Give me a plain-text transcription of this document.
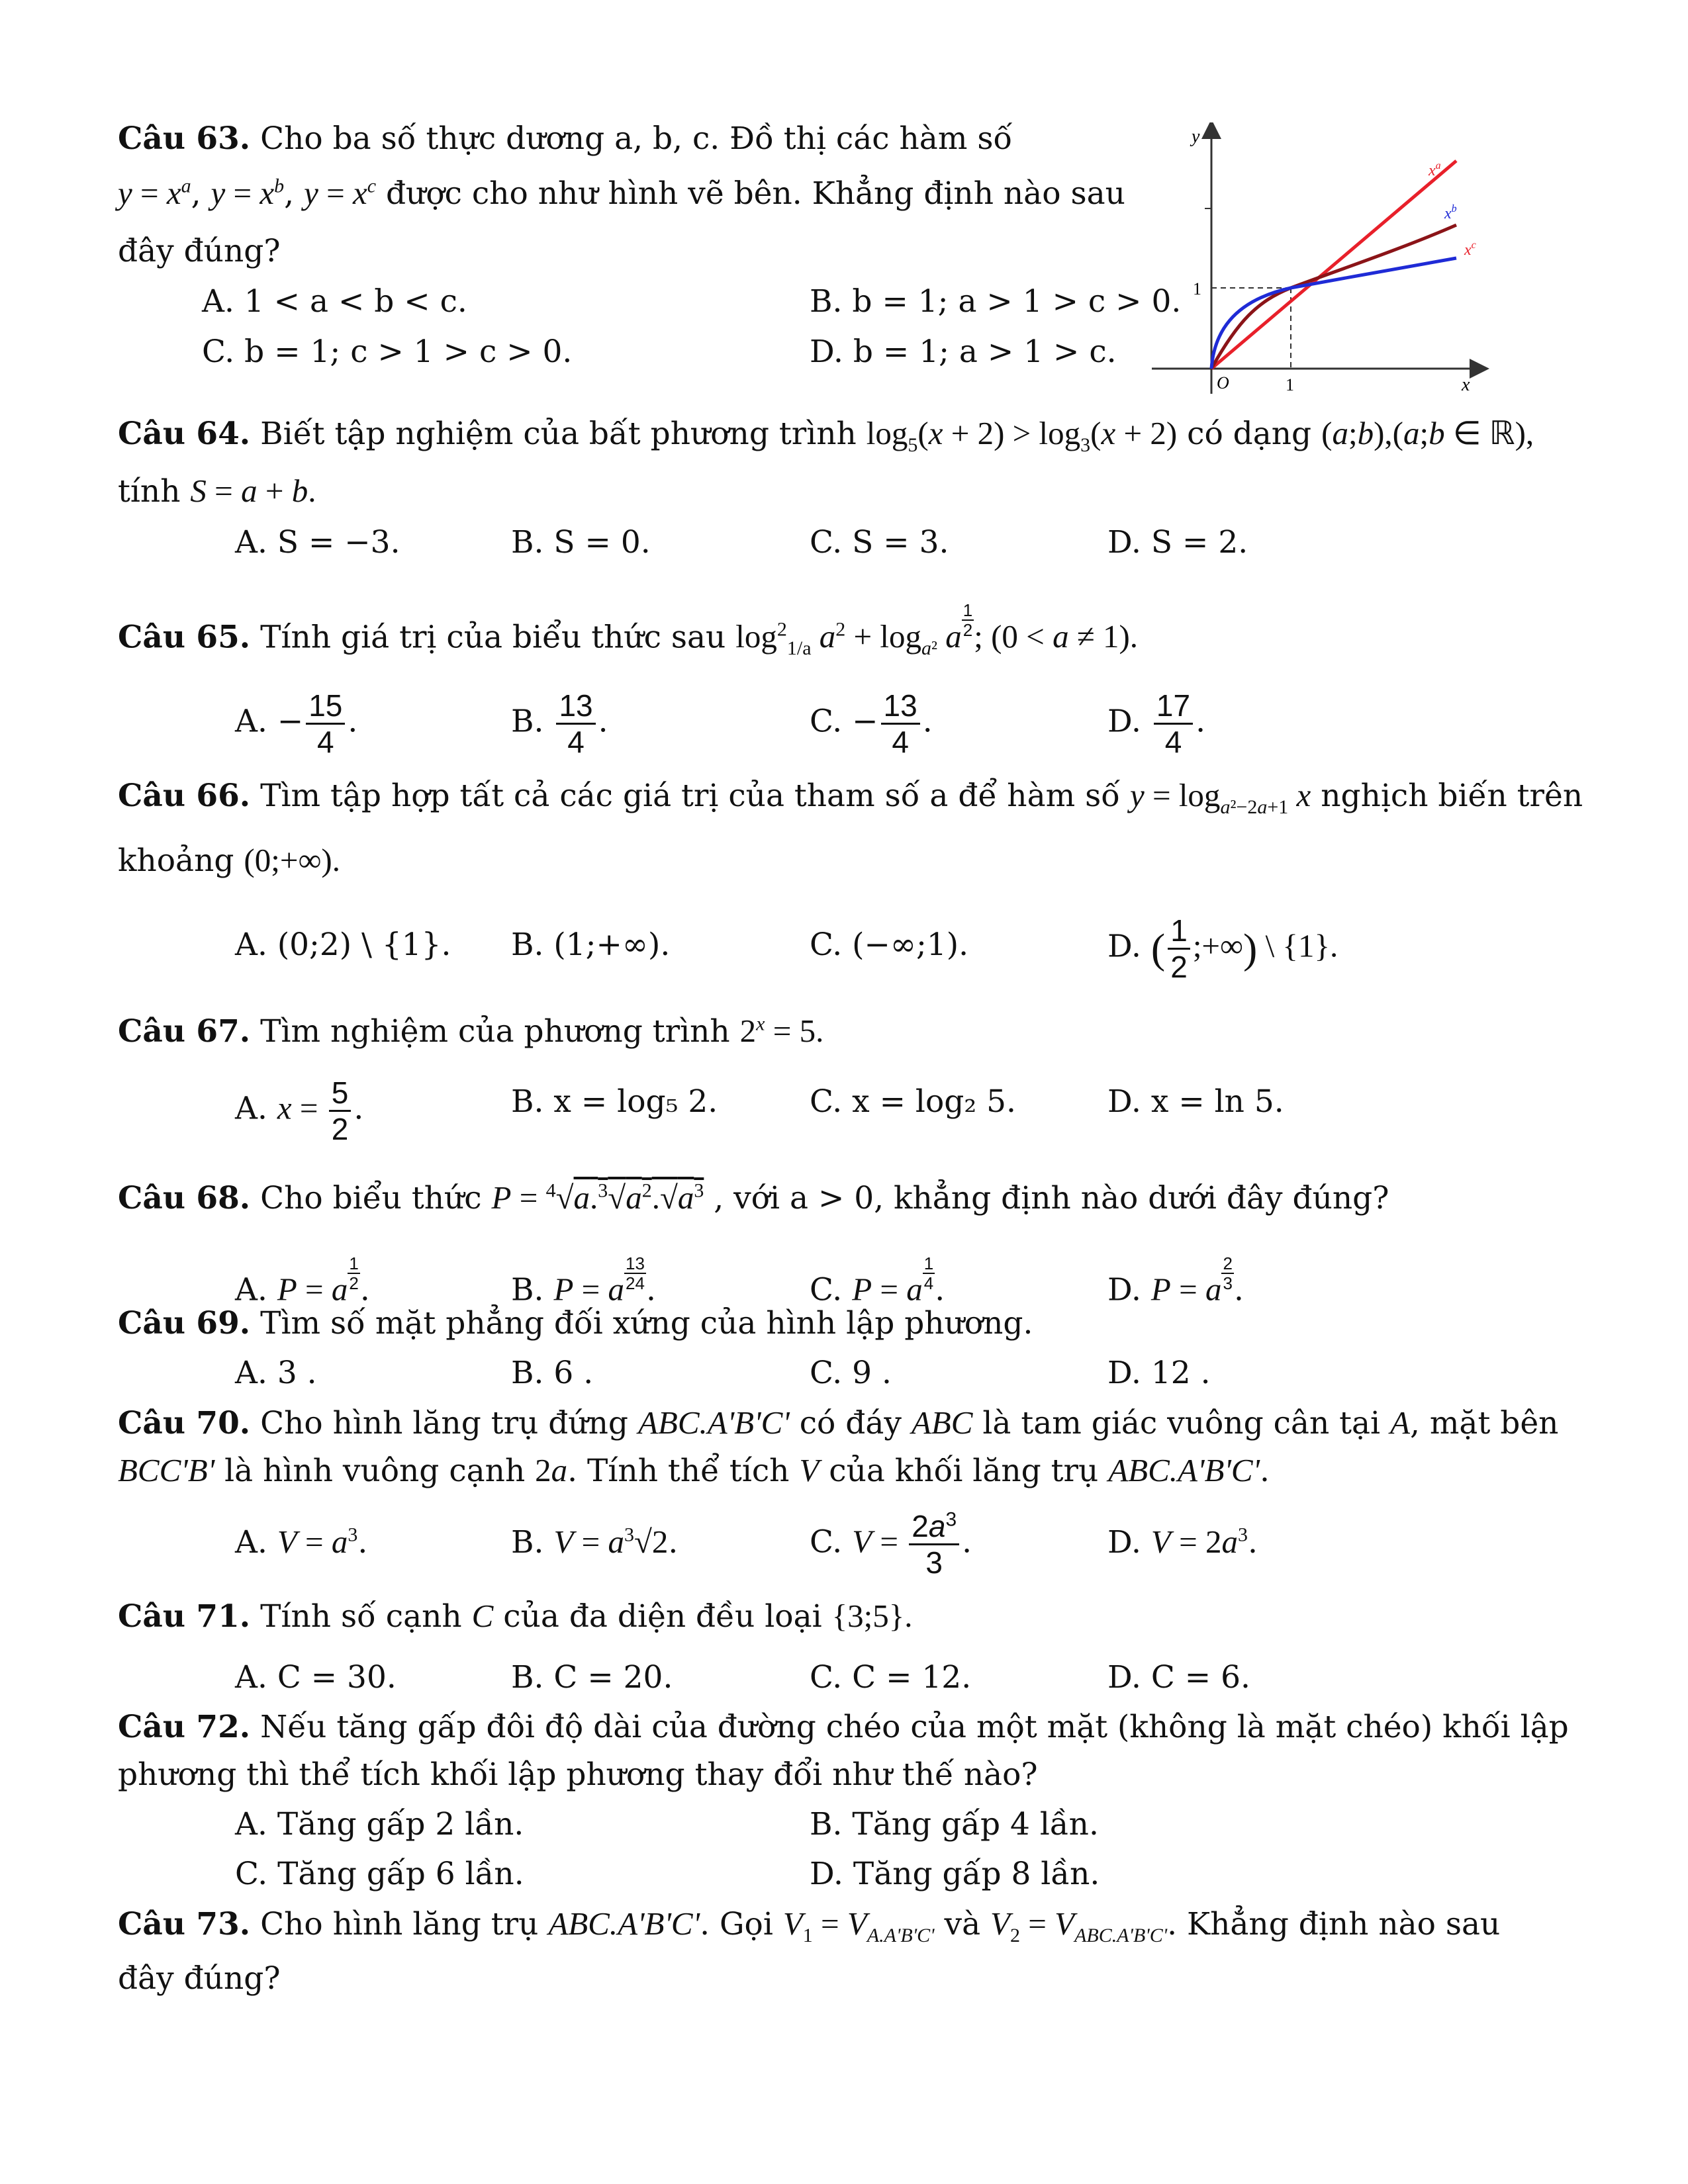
Câu 63. Cho ba số thực dương a, b, c. Đồ thị các hàm số
$y = x^a$, $y = x^b$, $y = x^c$ được cho như hình vẽ bên. Khẳng định nào sau
đây đúng?
A. 1 < a < b < c.	B. b = 1; a > 1 > c > 0.
C. b = 1; c > 1 > c > 0.	D. b = 1; a > 1 > c.
y
x
O	1
1
$x^a$
$x^b$
$x^c$
Câu 64. Biết tập nghiệm của bất phương trình $\log_5(x + 2) > \log_3(x + 2)$ có dạng (a;b),(a;b ∈ ℝ),
tính S = a + b.
A. S = −3.	B. S = 0.	C. S = 3.	D. S = 2.
Câu 65. Tính giá trị của biểu thức sau $\log^2_{1/a} a^2 + \log_{a^2} a \frac{1}{2}$ ; (0 < a ≠ 1).
A. − $\frac{15}{4}$ .	B. $\frac{13}{4}$ .	C. − $\frac{13}{4}$ .	D. $\frac{17}{4}$ .
Câu 66. Tìm tập hợp tất cả các giá trị của tham số a để hàm số $y = \log_{a^2-2a+1} x$ nghịch biến trên
khoảng (0;+∞).
A. (0;2) \ {1}. B. (1;+∞).	C. (−∞;1).	D. ( $\frac{1}{2}$ ;+∞) \ {1}.
Câu 67. Tìm nghiệm của phương trình $2^x = 5$.
A. $x = \frac{5}{2}$ .	B. x = log₅ 2.	C. x = log₂ 5.	D. x = ln 5.
Câu 68. Cho biểu thức $P = ^4√a.^3√a^2.√a^3$ , với a > 0, khẳng định nào dưới đây đúng?
A. P = a $\frac{1}{2}$ .	B. P = a $\frac{13}{24}$ .	C. P = a $\frac{1}{4}$ .	D. P = a $\frac{2}{3}$ .
Câu 69. Tìm số mặt phẳng đối xứng của hình lập phương.
A. 3 .	B. 6 .	C. 9 .	D. 12 .
Câu 70. Cho hình lăng trụ đứng ABC.A'B'C' có đáy ABC là tam giác vuông cân tại A, mặt bên
BCC'B' là hình vuông cạnh 2a. Tính thể tích V của khối lăng trụ ABC.A'B'C'.
A. $V = a^3$.	B. $V = a^3√2$.	C. $V = \frac{2a^3}{3}$ .	D. $V = 2a^3$.
Câu 71. Tính số cạnh C của đa diện đều loại {3;5}.
A. C = 30.	B. C = 20.	C. C = 12.	D. C = 6.
Câu 72. Nếu tăng gấp đôi độ dài của đường chéo của một mặt (không là mặt chéo) khối lập
phương thì thể tích khối lập phương thay đổi như thế nào?
A. Tăng gấp 2 lần.	B. Tăng gấp 4 lần.
C. Tăng gấp 6 lần.	D. Tăng gấp 8 lần.
Câu 73. Cho hình lăng trụ ABC.A'B'C'. Gọi $V_1 = V_{A.A'B'C'}$ và $V_2 = V_{ABC.A'B'C'}$. Khẳng định nào sau
đây đúng?
